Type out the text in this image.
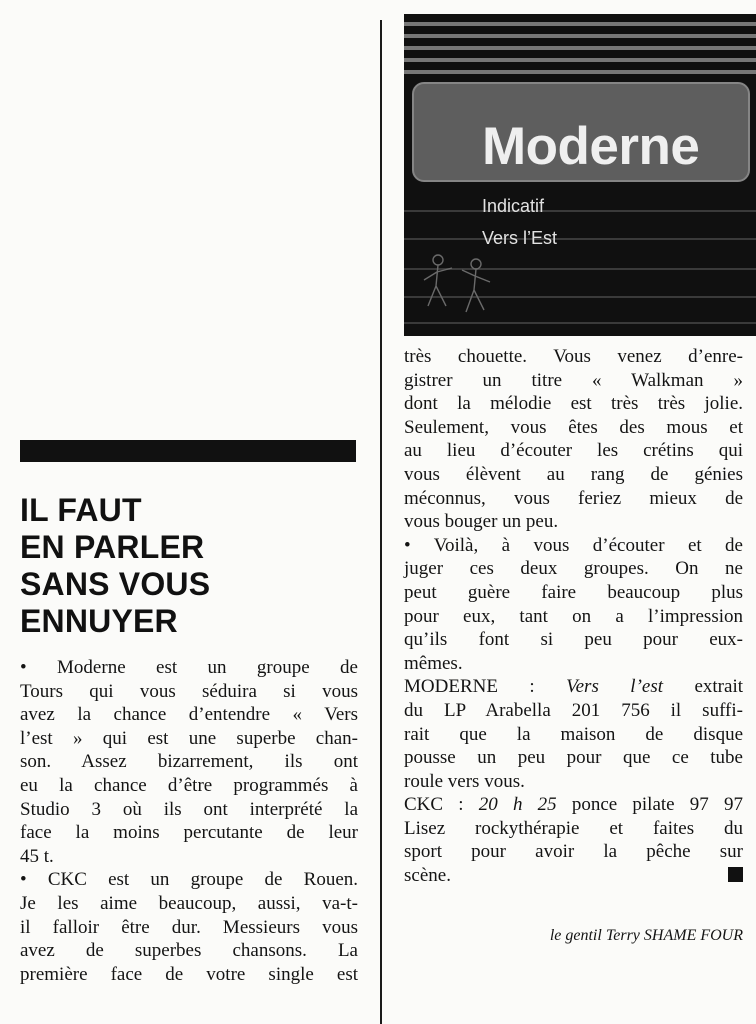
Moderne
Indicatif
Vers l’Est
IL FAUT
EN PARLER
SANS VOUS
ENNUYER
• Moderne est un groupe de
Tours qui vous séduira si vous
avez la chance d’entendre « Vers
l’est » qui est une superbe chan-
son. Assez bizarrement, ils ont
eu la chance d’être programmés à
Studio 3 où ils ont interprété la
face la moins percutante de leur
45 t.
• CKC est un groupe de Rouen.
Je les aime beaucoup, aussi, va-t-
il falloir être dur. Messieurs vous
avez de superbes chansons. La
première face de votre single est
très chouette. Vous venez d’enre-
gistrer un titre « Walkman »
dont la mélodie est très très jolie.
Seulement, vous êtes des mous et
au lieu d’écouter les crétins qui
vous élèvent au rang de génies
méconnus, vous feriez mieux de
vous bouger un peu.
• Voilà, à vous d’écouter et de
juger ces deux groupes. On ne
peut guère faire beaucoup plus
pour eux, tant on a l’impression
qu’ils font si peu pour eux-
mêmes.
MODERNE : Vers l’est extrait
du LP Arabella 201 756 il suffi-
rait que la maison de disque
pousse un peu pour que ce tube
roule vers vous.
CKC : 20 h 25 ponce pilate 97 97
Lisez rockythérapie et faites du
sport pour avoir la pêche sur
scène.
le gentil Terry SHAME FOUR
